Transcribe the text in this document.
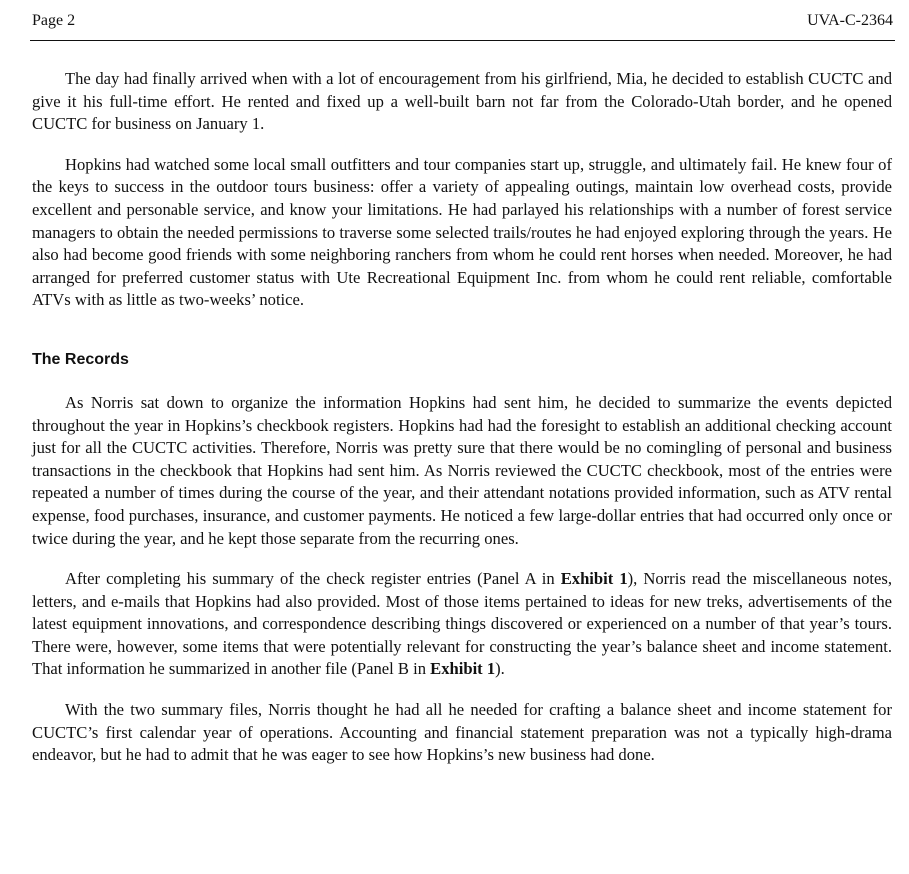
Page 2	UVA-C-2364

The day had finally arrived when with a lot of encouragement from his girlfriend, Mia, he decided to establish CUCTC and give it his full-time effort. He rented and fixed up a well-built barn not far from the Colorado-Utah border, and he opened CUCTC for business on January 1.

Hopkins had watched some local small outfitters and tour companies start up, struggle, and ultimately fail. He knew four of the keys to success in the outdoor tours business: offer a variety of appealing outings, maintain low overhead costs, provide excellent and personable service, and know your limitations. He had parlayed his relationships with a number of forest service managers to obtain the needed permissions to traverse some selected trails/routes he had enjoyed exploring through the years. He also had become good friends with some neighboring ranchers from whom he could rent horses when needed. Moreover, he had arranged for preferred customer status with Ute Recreational Equipment Inc. from whom he could rent reliable, comfortable ATVs with as little as two-weeks’ notice.

The Records

As Norris sat down to organize the information Hopkins had sent him, he decided to summarize the events depicted throughout the year in Hopkins’s checkbook registers. Hopkins had had the foresight to establish an additional checking account just for all the CUCTC activities. Therefore, Norris was pretty sure that there would be no comingling of personal and business transactions in the checkbook that Hopkins had sent him. As Norris reviewed the CUCTC checkbook, most of the entries were repeated a number of times during the course of the year, and their attendant notations provided information, such as ATV rental expense, food purchases, insurance, and customer payments. He noticed a few large-dollar entries that had occurred only once or twice during the year, and he kept those separate from the recurring ones.

After completing his summary of the check register entries (Panel A in Exhibit 1), Norris read the miscellaneous notes, letters, and e-mails that Hopkins had also provided. Most of those items pertained to ideas for new treks, advertisements of the latest equipment innovations, and correspondence describing things discovered or experienced on a number of that year’s tours. There were, however, some items that were potentially relevant for constructing the year’s balance sheet and income statement. That information he summarized in another file (Panel B in Exhibit 1).

With the two summary files, Norris thought he had all he needed for crafting a balance sheet and income statement for CUCTC’s first calendar year of operations. Accounting and financial statement preparation was not a typically high-drama endeavor, but he had to admit that he was eager to see how Hopkins’s new business had done.
